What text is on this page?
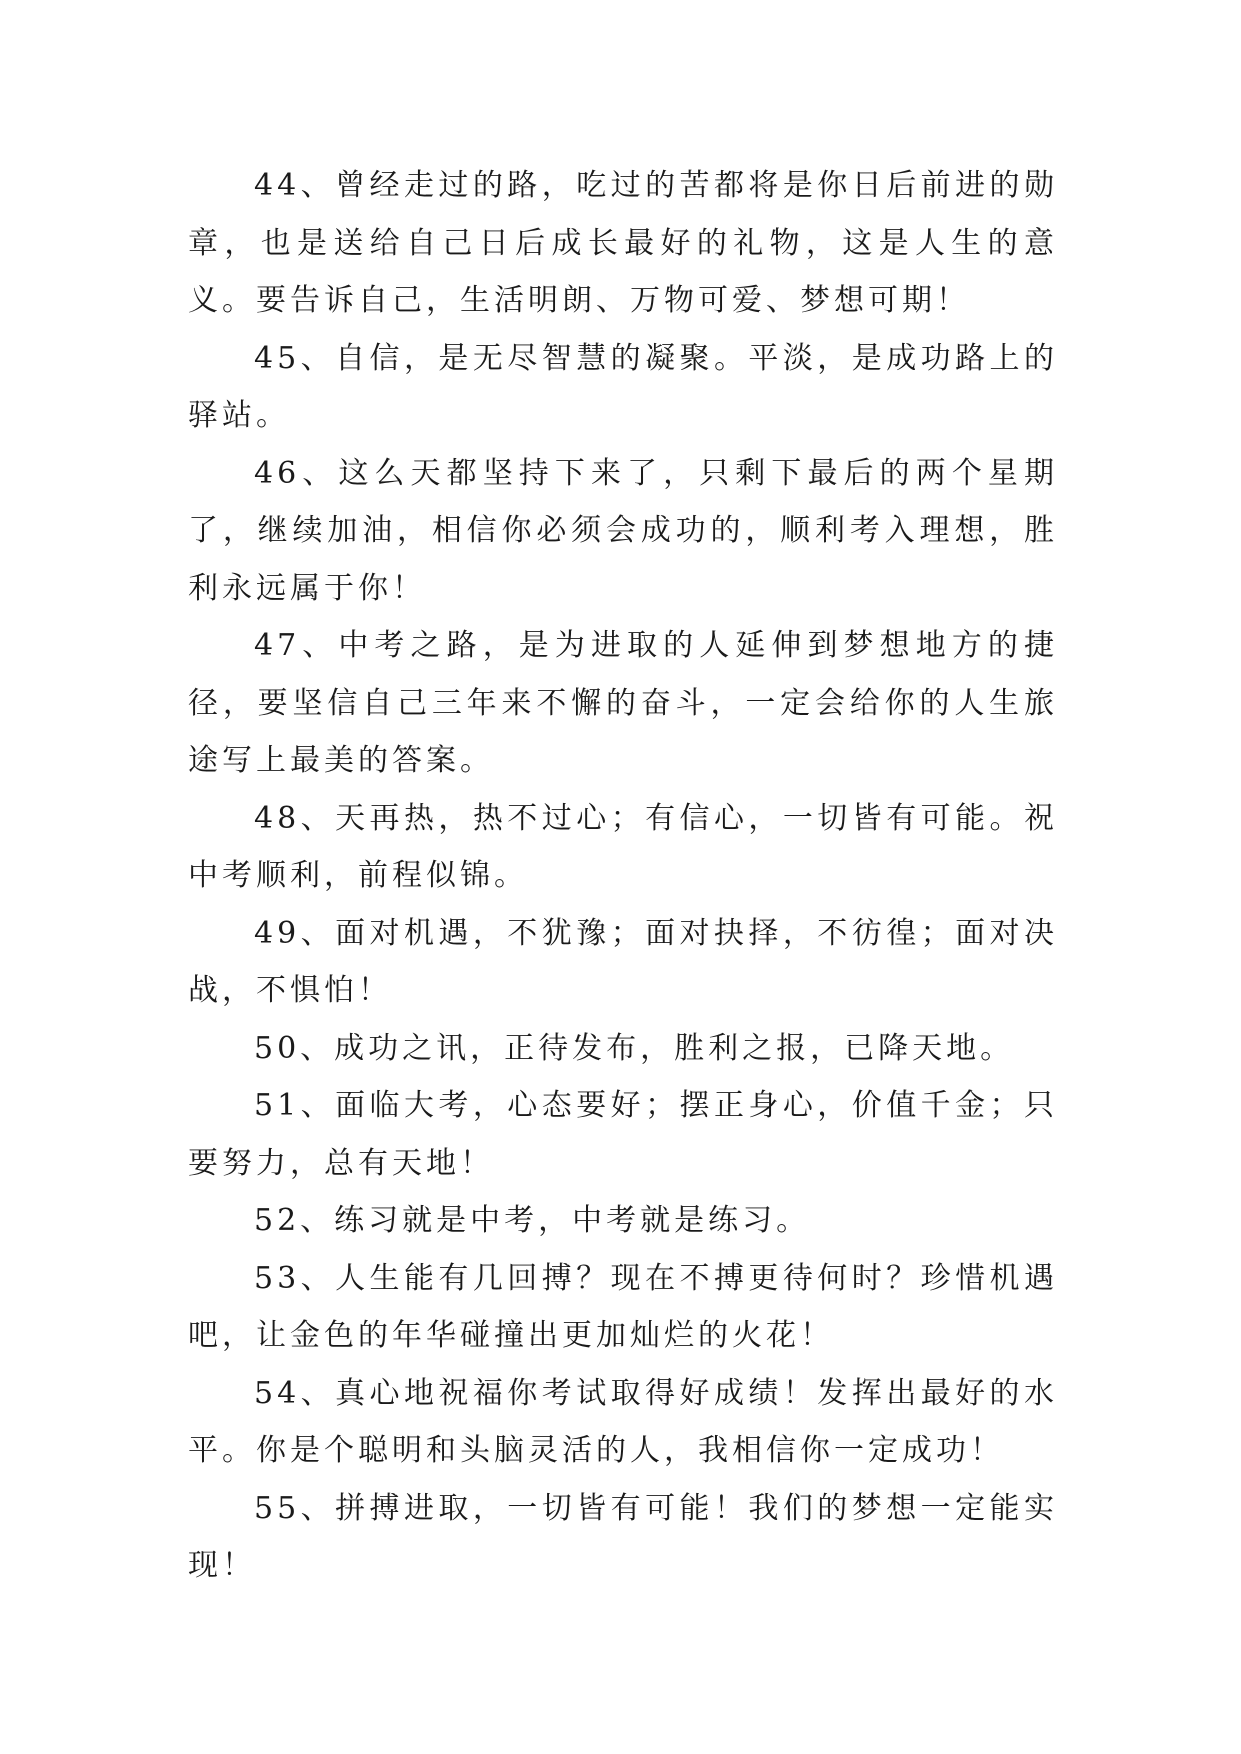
44、曾经走过的路，吃过的苦都将是你日后前进的勋章，也是送给自己日后成长最好的礼物，这是人生的意义。要告诉自己，生活明朗、万物可爱、梦想可期！

45、自信，是无尽智慧的凝聚。平淡，是成功路上的驿站。

46、这么天都坚持下来了，只剩下最后的两个星期了，继续加油，相信你必须会成功的，顺利考入理想，胜利永远属于你！

47、中考之路，是为进取的人延伸到梦想地方的捷径，要坚信自己三年来不懈的奋斗，一定会给你的人生旅途写上最美的答案。

48、天再热，热不过心；有信心，一切皆有可能。祝中考顺利，前程似锦。

49、面对机遇，不犹豫；面对抉择，不彷徨；面对决战，不惧怕！

50、成功之讯，正待发布，胜利之报，已降天地。

51、面临大考，心态要好；摆正身心，价值千金；只要努力，总有天地！

52、练习就是中考，中考就是练习。

53、人生能有几回搏？现在不搏更待何时？珍惜机遇吧，让金色的年华碰撞出更加灿烂的火花！

54、真心地祝福你考试取得好成绩！发挥出最好的水平。你是个聪明和头脑灵活的人，我相信你一定成功！

55、拼搏进取，一切皆有可能！我们的梦想一定能实现！
